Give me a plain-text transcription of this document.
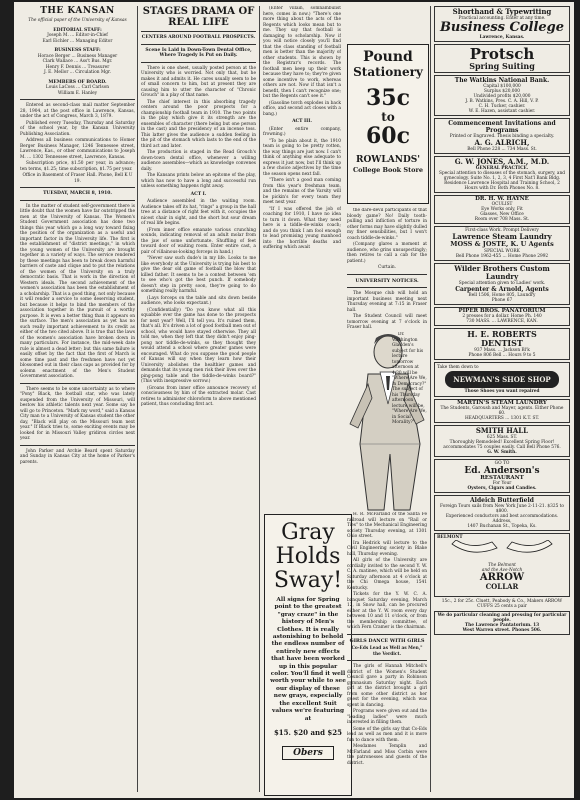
THE KANSAN
The official paper of the University of Kansas
EDITORIAL STAFF:
Joseph M. ... Editor-in-Chief
Earl Eichler ... Managing Editor
BUSINESS STAFF:
Horace Berger ... Business Manager
Clark Wallace ... Ass't Bus. Mgr.
Henry F. Dennis ... Treasurer
J. E. Mellor ... Circulation Mgr.
MEMBERS OF BOARD.
Louis LaCoss ... Carl Carlson
William E. Hanley

Entered as second-class mail matter September 28, 1904, at the post office in Lawrence, Kansas, under the act of Congress, March 3, 1879.

Published every Tuesday, Thursday and Saturday of the school year, by the Kansan University Publishing Association.

Address all business communications to Homer Berger Business Manager, 1246 Tennessee street, Lawrence, Kas., or other communications to Joseph M. ... 1302 Tennessee street, Lawrence, Kansas.

Subscription price, $1.50 per year, in advance; ten terms, $1.25; time subscription, $1.75 per year.

Office in Basement of Fraser Hall. Phone, Bell K U 19.
TUESDAY, MARCH 8, 1910.

In the matter of student self-government there is little doubt that the women have far outstripped the men at the University of Kansas. The Women's Student Government association has done two things this year which go a long way toward fixing the position of the organization as a useful and important factor in the University life. The first is the establishment of "district meetings," in which the young women of the University are brought together in a variety of ways. The service rendered by these meetings has been to break down harmful barriers of caste and clique and to put the relations of the women of the University on a truly democratic basis. That is work in the direction of Western ideals. The second achievement of the women's association has been the establishment of a scholarship. That is a good thing, not only because it will render a service to some deserving student, but because it helps to bind the members of the association together in the pursuit of a worthy purpose. It is even a better thing than it appears on the surface. The men's association as yet has no such really important achievement to its credit as either of the two cited above. It is true that the laws of the women's association have broken down in many particulars. For instance, the mid-week date rule is almost a dead letter; but this same failure is easily offset by the fact that the first of March is some time past and the freshmen have not yet blossomed out in their class caps as provided for by solemn enactment of the Men's Student Government association.

There seems to be some uncertainty as to where "Pony" Black, the football star, who was lately suspended from the University of Missouri, will bestow his athletic talents next year. Some say he will go to Princeton. "Mark my word," said a Kansas City man to a University of Kansas student the other day, "Black will play on the Missouri team next year." If Black tries to, some exciting events may be looked for in Missouri Valley gridiron circles next year.

John Parker and Archie Beard spent Saturday and Sunday in Kansas City at the home of Parker's parents.

STAGES DRAMA OF REAL LIFE
CENTERS AROUND FOOTBALL PROSPECTS.
Scene Is Laid in Down-Town Dental Office, Where Tragedy Is Put on Daily.

There is one sheet, usually posted person at the University who is worried. Not only that, but he makes it and admits it. He cares usually seem to be of small concern to him, but at present they are causing him to utter the character of "Chronic Grouch" in a play of that name.

The chief interest in this absorbing tragedy centers around the poor prospects for a championship football team in 1910. The two points in the play which give it its strength are the ensembles of character (there being but one person in the cast) and the presidency of an incense toss. This latter gives the audience a sudden feeling in the pit of the stomach which lasts to the end of the third act and later.

The production is staged in the Read Grouch's down-town dental office, whenever a willing audience assembles—which as knowledge convenes daily.

The Kansans prints below an epitome of the play, which has now to have a long and successful run unless something happens right away.

ACT I.

Audience assembled in the waiting room. Audience takes off its hat, "rings" a group in the hall tree at a distance of right feet with it, occupies the nicest chair in sight, and the short but sour dream of real life begins.

(From inner office emanate various crunching sounds, indicating removal of an adult molar from the jaw of some unfortunate. Shuffling of feet toward door of waiting room. Enter entire cast, a pair of villainous-looking forceps in hand.)

"Never saw such dude's in my life. Looks to me like everybody at the University is trying his best to give the dear old game of football the blow that killed father. It seems to be a contest between 'em to see who's got the best punch. If somebody doesn't step in pretty soon, they're going to do something really harmful.

(Lays forceps on the table and sits down beside audience, who looks expectant.)

(Confidentially) "Do you know what all this squabble over the game has done to the prospects for next year? Well, I'll tell you. It's ruined them, that's all. It's driven a lot of good football men out of school, who would have stayed otherwise. They all told me, when they left that they didn't enjoy ping-pong nor tiddle-de-winks, so they thought they would attend a school where greater games were encouraged. What do you suppose the good people of Kansas will say when they learn how their University abolishes the healthier games and demands that its young men risk their lives over the ping-pong table and the tiddle-de-winks board?" (This with inexpressive sorrow.)

(Groans from inner office announce recovery of consciousness by him of the extracted molar. Cast retires to administer chloroform to above mentioned patient, thus concluding first act.

(Enter villain, somnambulist here, comes in now.) "There's one more thing about the acts of the Regents which looks mean but to me. They say that football is damaging to scholarship. Now if you will notice closely you'll find that the class standing of football men is better than the majority of other students. This is shown by the Registrar's records. The football men keep up their work because they have to; they're given some incentive to work, whereas others are not. Now if that isn't a benefit, then I can't recognize one; but the Regents can't see it."

(Gasoline torch explodes in back office, and second act closes with a bang.)

ACT III.

(Enter entire company, frowning.)

"To be plain about it, the 1910 team is going to be pretty rotten, the way things are just now. I can't think of anything else adequate to express it just now, but I'll think up a few choice adjectives by the time the season opens next fall.

"There isn't a good man coming from this year's freshman team, and the remains of the Varsity will be pickin's for every team they meet next year.

"If I was offered the job of coaching for 1910, I have no idea to turn it down. What they need here is a tiddle-de-winks coach; and do you think I am fool enough to lead promising young manhood into the horrible deaths and suffering which await

Gray
Holds
Sway!
All signs for Spring point to the greatest "gray craze" in the history of Men's Clothes. It is really astonishing to behold the endless number of entirely new effects that have been worked up in this popular color. You'll find it well worth your while to see our display of these new grays, especially the excellent Suit values we're featuring at
$15. $20 and $25
Obers
Pound
Stationery
35c
to
60c
ROWLANDS'
College Book Store

the dare-devil participants of that bloody game? No! Daily tooth-pulling and infliction of torture in other forms may have slightly dulled my finer sensibilities, but I won't coach tiddle-de-winks."

(Company glares a moment at audience, who grins unsuspectingly; then retires to call a cab for the patient.)

Curtain.
UNIVERSITY NOTICES.

The Mosque club will hold an important business meeting next Thursday evening at 7:15 in Fraser hall.

The Student Council will meet tomorrow evening at 7 o'clock in Fraser hall.

Dr. Washington Gladden's subject for his lecture tomorrow afternoon at 4:30 will be "Where Are We, in Democracy?" The subject of his Thursday afternoon lecture will be, "Where Are We, in Social Morality?"

H. R. McFarland of the Santa Fe railroad will lecture on "Rail or Ties" to the Mechanical Engineering society Thursday evening, at 1301 Ohio street.

Ira Hedrick will lecture to the Civil Engineering society in Blake hall, Thursday evening.

All girls of the University are cordially invited to the second Y. W. C. A. matinee, which will be held on Saturday afternoon at 4 o'clock at the Chi Omega house, 1541 Kentucky.

Tickets for the Y. W. C. A. banquet Saturday evening, March 12, in Snow hall, can be procured either at the Y. W. room every day between 10 and 11 o'clock, or from the membership committee, of which Fern Cramer is the chairman.

GIRLS DANCE WITH GIRLS
Co-Eds Lead as Well as Men," the Verdict.

The girls of Hannah Mitchell's district of the Women's Student Council gave a party in Robinson gymnasium Saturday night. Each girl at the district brought a girl from some other district as her guest for the evening, which was spent in dancing.

Programs were given out and the "leading ladies" were much interested in filling them.

Some of the girls say that Co-Eds lead as well as men and it is more fun to dance with them.

Mesdames Templin and McFarland and Miss Corbin were the patronesses and guests of the district.

Shorthand & Typewriting
Practical accounting. Enter at any time.
Business College
Lawrence, Kansas.
Protsch
Spring Suiting
The Watkins National Bank.
Capital $100,000
Surplus $20,000
Undivided profits $20,000
J. B. Watkins, Pres. C. A. Hill, V. P.
C. H. Tucker, cashier.
W. E. Hazen, assistant cashier.
Commencement Invitations and Programs
Printed or Engraved. Thesis binding a specialty.
A. G. ALRICH,
Bell Phone 228 ... 734 Mass. St.
G. W. JONES, A.M., M.D.
GENERAL PRACTICE.
Special attention to diseases of the stomach, surgery, and gynecology. Suite No. 1, 2, 3, 4 First Nat'l Bank Bldg.
Residence Lawrence Hospital and Training School, 2 Hours with Dr. Both Phones No. 8.
DR. H. W. HAYNE
OCULIST
Eye Works only, Fit
Glasses, New Office
Room over 708 Mass. St.
First-class Work. Prompt Delivery
Lawrence Steam Laundry
MOSS & JOSTE, K. U Agents
SPECIAL WORK
Bell Phone 1962-455 ... Home Phone 2992
Wilder Brothers Custom Laundry
Special attention given to Ladies' work.
Carpenter & Arnold, Agents
Bell 1506, Home 805, Laundry
Phone 67
PIPER BROS. PANATORIUM
2 presses for a dollar. Home Ph. 140
730 MASS. ... LAWRENCE, KAN.
H. E. ROBERTS
DENTIST
937 Mass. ... Jackson Bl'k
Phone 806 Bell ... Hours 9 to 5
Take them down to
NEWMAN'S SHOE SHOP
Those Shoes you want repaired
MARTIN'S STEAM LAUNDRY
The Students, Garoush and Mayer, agents. Either Phone 60.
HEADQUARTERS ... 1301 K.T. ST.
SMITH HALL
625 Mass. ST.
Thoroughly Remodeled! Excellent Spring Floor! accommodates 75 couples easily. Call Bell Phone 576.
G. W. Smith.
GO TO
Ed. Anderson's
RESTAURANT
For Your
Oysters, Cigars and Candies.
Aldeich Butterfield
Foreign Tours sails from New York June 2-11-21. $325 to $800.
Experienced conductors and best accommodations. Address,
1407 Buchanan St., Topeka, Ks.
BELMONT
The Belmont
and the Ave-Notch
ARROW
COLLAR
15c., 2 for 25c. Cluett, Peabody & Co., Makers ARROW CUFFS 25 cents a pair
We do particular cleaning and pressing for particular people.
The Lawrence Pantatorium. 13
West Warren street. Phones 506.
